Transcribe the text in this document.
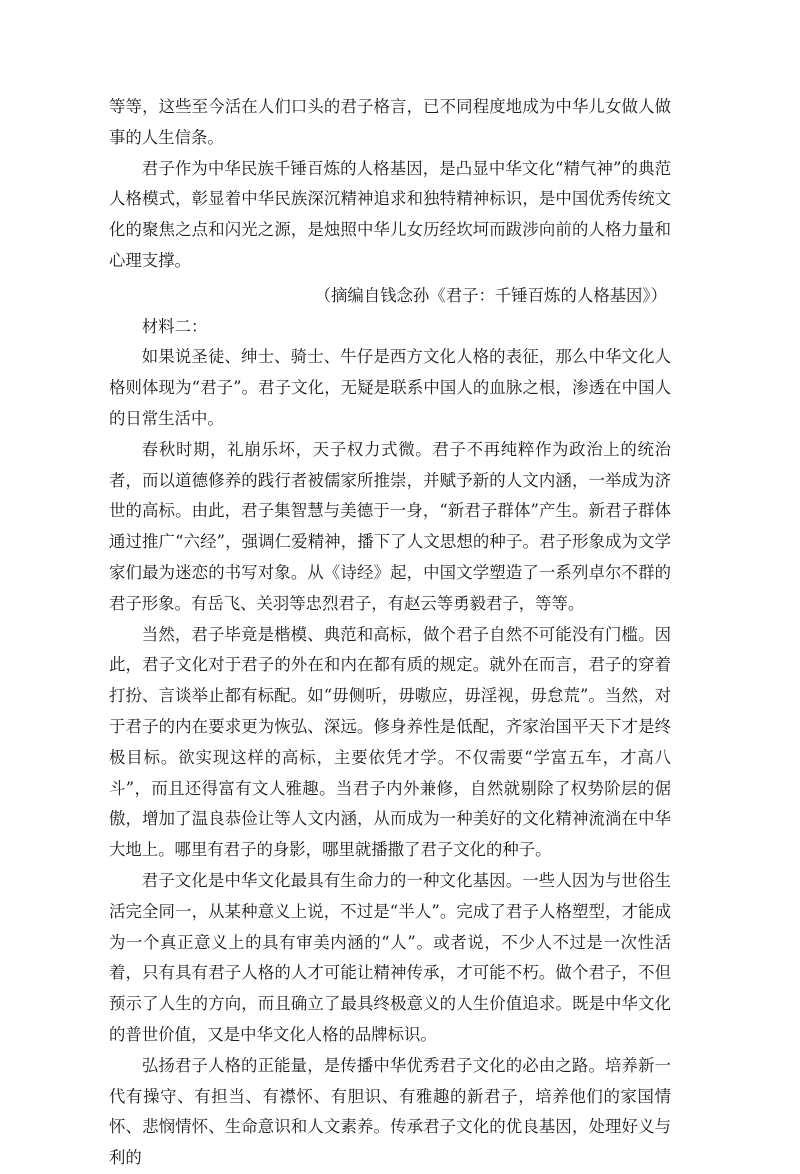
等等，这些至今活在人们口头的君子格言，已不同程度地成为中华儿女做人做事的人生信条。

君子作为中华民族千锤百炼的人格基因，是凸显中华文化“精气神”的典范人格模式，彰显着中华民族深沉精神追求和独特精神标识，是中国优秀传统文化的聚焦之点和闪光之源，是烛照中华儿女历经坎坷而跋涉向前的人格力量和心理支撑。

（摘编自钱念孙《君子：千锤百炼的人格基因》）

材料二：

如果说圣徒、绅士、骑士、牛仔是西方文化人格的表征，那么中华文化人格则体现为“君子”。君子文化，无疑是联系中国人的血脉之根，渗透在中国人的日常生活中。

春秋时期，礼崩乐坏，天子权力式微。君子不再纯粹作为政治上的统治者，而以道德修养的践行者被儒家所推崇，并赋予新的人文内涵，一举成为济世的高标。由此，君子集智慧与美德于一身，“新君子群体”产生。新君子群体通过推广“六经”，强调仁爱精神，播下了人文思想的种子。君子形象成为文学家们最为迷恋的书写对象。从《诗经》起，中国文学塑造了一系列卓尔不群的君子形象。有岳飞、关羽等忠烈君子，有赵云等勇毅君子，等等。

当然，君子毕竟是楷模、典范和高标，做个君子自然不可能没有门槛。因此，君子文化对于君子的外在和内在都有质的规定。就外在而言，君子的穿着打扮、言谈举止都有标配。如“毋侧听，毋嗷应，毋淫视，毋怠荒”。当然，对于君子的内在要求更为恢弘、深远。修身养性是低配，齐家治国平天下才是终极目标。欲实现这样的高标，主要依凭才学。不仅需要“学富五车，才高八斗”，而且还得富有文人雅趣。当君子内外兼修，自然就剔除了权势阶层的倨傲，增加了温良恭俭让等人文内涵，从而成为一种美好的文化精神流淌在中华大地上。哪里有君子的身影，哪里就播撒了君子文化的种子。

君子文化是中华文化最具有生命力的一种文化基因。一些人因为与世俗生活完全同一，从某种意义上说，不过是“半人”。完成了君子人格塑型，才能成为一个真正意义上的具有审美内涵的“人”。或者说，不少人不过是一次性活着，只有具有君子人格的人才可能让精神传承，才可能不朽。做个君子，不但预示了人生的方向，而且确立了最具终极意义的人生价值追求。既是中华文化的普世价值，又是中华文化人格的品牌标识。

弘扬君子人格的正能量，是传播中华优秀君子文化的必由之路。培养新一代有操守、有担当、有襟怀、有胆识、有雅趣的新君子，培养他们的家国情怀、悲悯情怀、生命意识和人文素养。传承君子文化的优良基因，处理好义与利的
